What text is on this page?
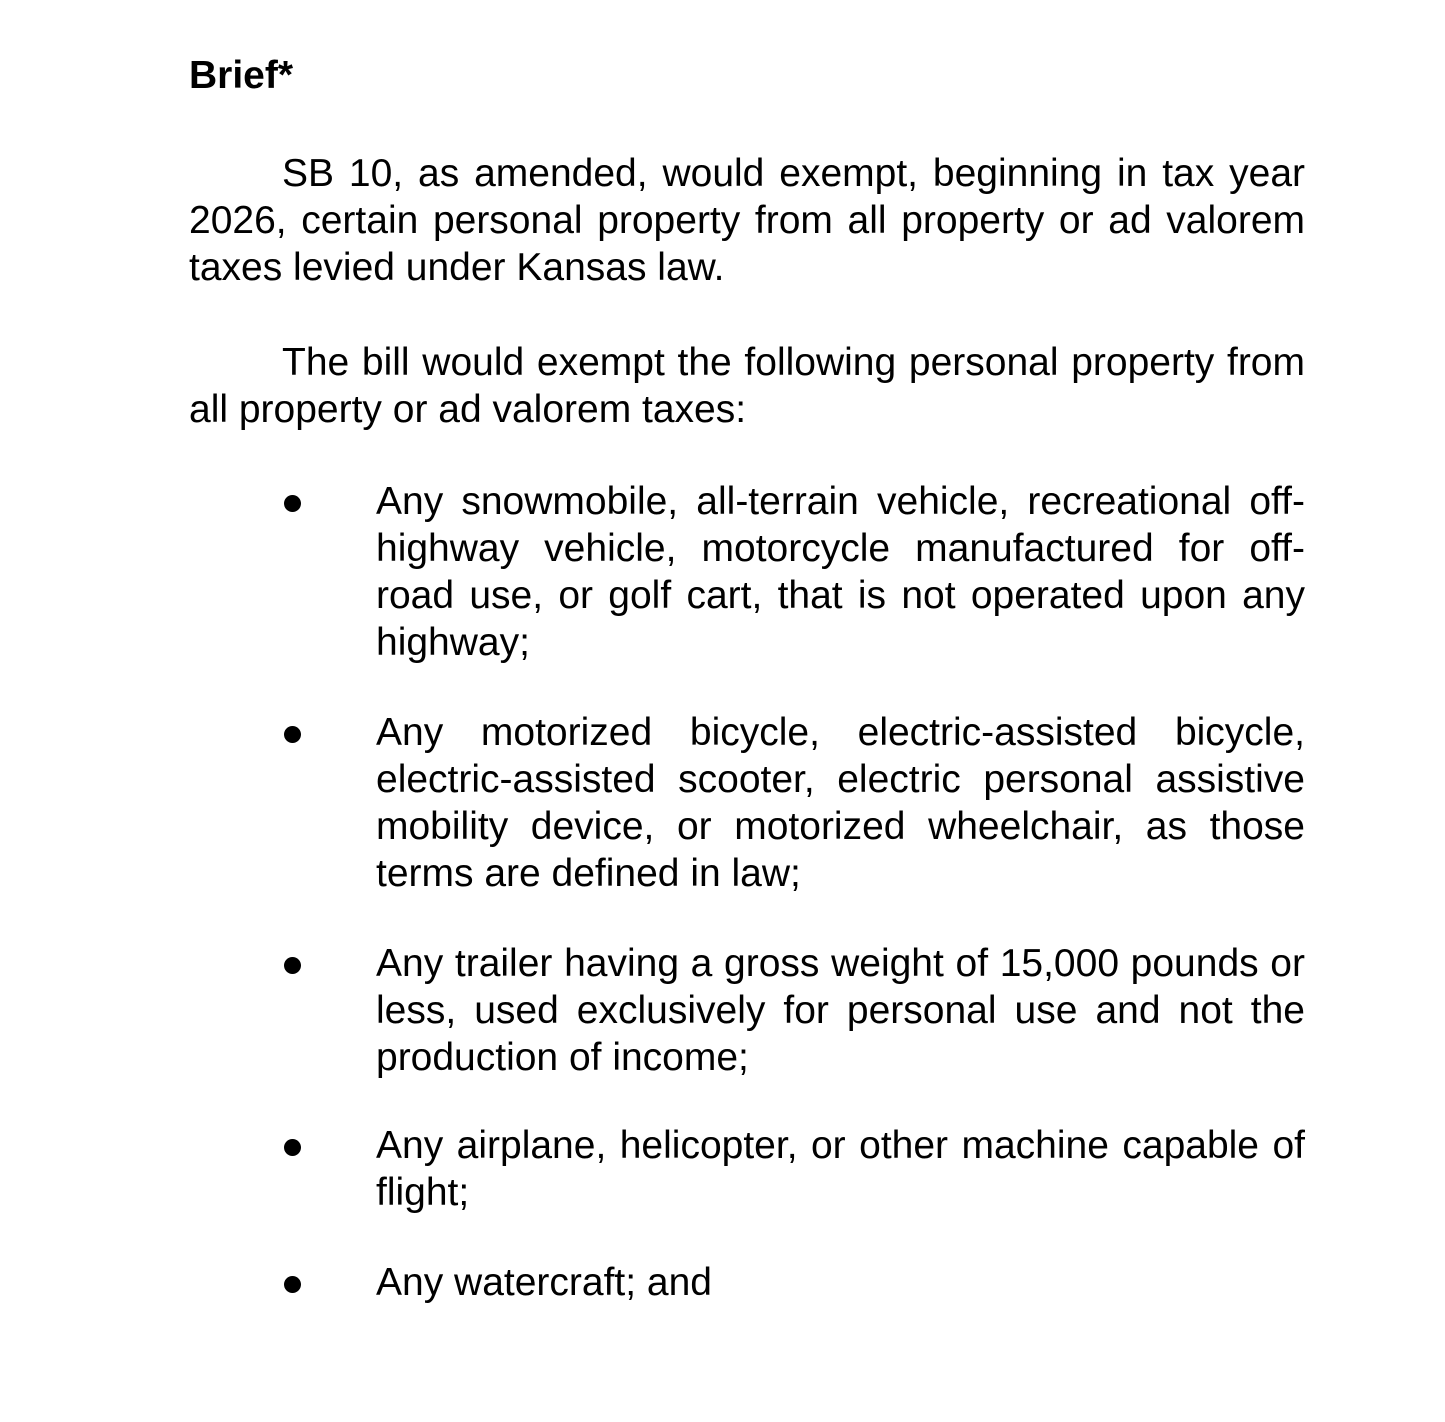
Brief*

SB 10, as amended, would exempt, beginning in tax year 2026, certain personal property from all property or ad valorem taxes levied under Kansas law.

The bill would exempt the following personal property from all property or ad valorem taxes:

Any snowmobile, all-terrain vehicle, recreational off-highway vehicle, motorcycle manufactured for off-road use, or golf cart, that is not operated upon any highway;

Any motorized bicycle, electric-assisted bicycle, electric-assisted scooter, electric personal assistive mobility device, or motorized wheelchair, as those terms are defined in law;

Any trailer having a gross weight of 15,000 pounds or less, used exclusively for personal use and not the production of income;

Any airplane, helicopter, or other machine capable of flight;

Any watercraft; and
